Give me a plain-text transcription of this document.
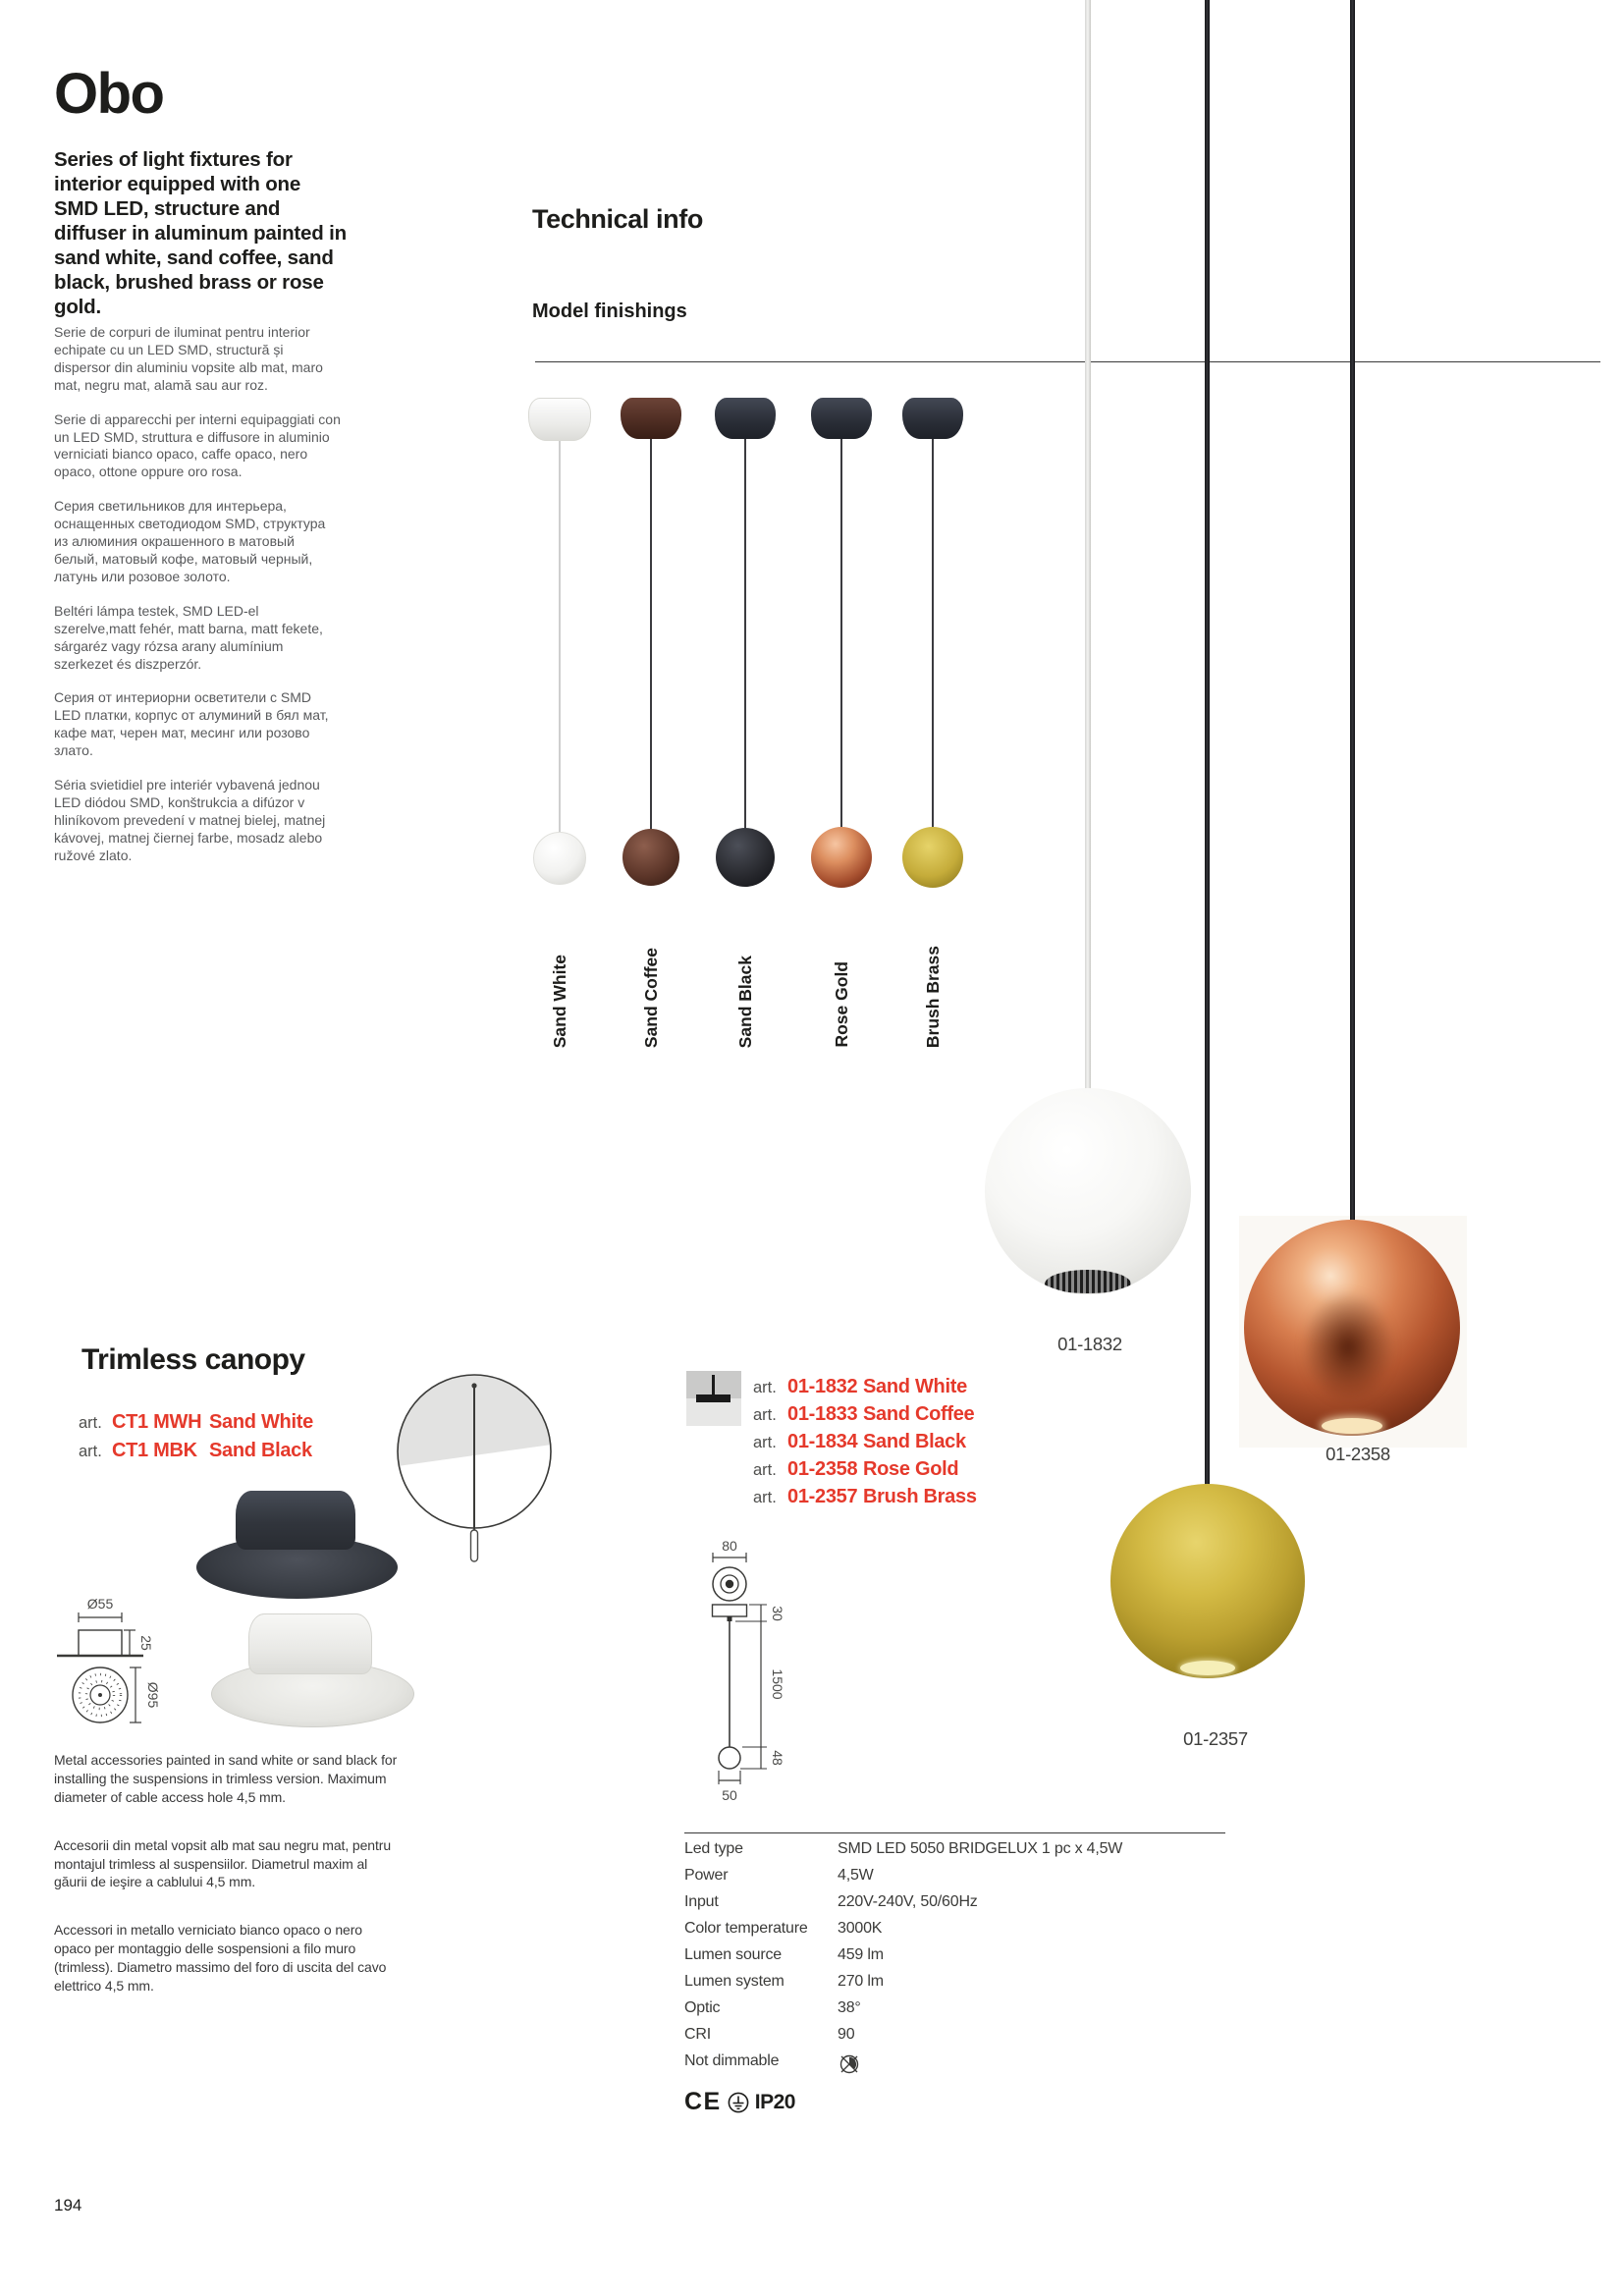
Obo
Series of light fixtures for interior equipped with one SMD LED, structure and diffuser in aluminum painted in sand white, sand coffee, sand black, brushed brass or rose gold.

Serie de corpuri de iluminat pentru interior echipate cu un LED SMD, structură și dispersor din aluminiu vopsite alb mat, maro mat, negru mat, alamă sau aur roz.

Serie di apparecchi per interni equipaggiati con un LED SMD, struttura e diffusore in aluminio verniciati bianco opaco, caffe opaco, nero opaco, ottone oppure oro rosa.

Серия светильников для интерьера, оснащенных светодиодом SMD, структура из алюминия окрашенного в матовый белый, матовый кофе, матовый черный, латунь или розовое золото.

Beltéri lámpa testek, SMD LED-el szerelve,matt fehér, matt barna, matt fekete, sárgaréz vagy rózsa arany alumínium szerkezet és diszperzór.

Серия от интериорни осветители с SMD LED платки, корпус от алуминий в бял мат, кафе мат, черен мат, месинг или розово злато.

Séria svietidiel pre interiér vybavená jednou LED diódou SMD, konštrukcia a difúzor v hliníkovom prevedení v matnej bielej, matnej kávovej, matnej čiernej farbe, mosadz alebo ružové zlato.

Technical info
Model finishings
Sand White	Sand Coffee	Sand Black	Rose Gold	Brush Brass
01-1832
01-2358
01-2357
Trimless canopy
art. CT1 MWH Sand White
art. CT1 MBK Sand Black
Ø55
25
Ø95

Metal accessories painted in sand white or sand black for installing the suspensions in trimless version. Maximum diameter of cable access hole 4,5 mm.

Accesorii din metal vopsit alb mat sau negru mat, pentru montajul trimless al suspensiilor. Diametrul maxim al găurii de ieşire a cablului 4,5 mm.

Accessori in metallo verniciato bianco opaco o nero opaco per montaggio delle sospensioni a filo muro (trimless). Diametro massimo del foro di uscita del cavo elettrico 4,5 mm.

art. 01-1832 Sand White
art. 01-1833 Sand Coffee
art. 01-1834 Sand Black
art. 01-2358 Rose Gold
art. 01-2357 Brush Brass
80
30
1500
48
50
Led type	SMD LED 5050 BRIDGELUX 1 pc x 4,5W
Power	4,5W
Input	220V-240V, 50/60Hz
Color temperature	3000K
Lumen source	459 lm
Lumen system	270 lm
Optic	38°
CRI	90
Not dimmable
CE IP20
194
